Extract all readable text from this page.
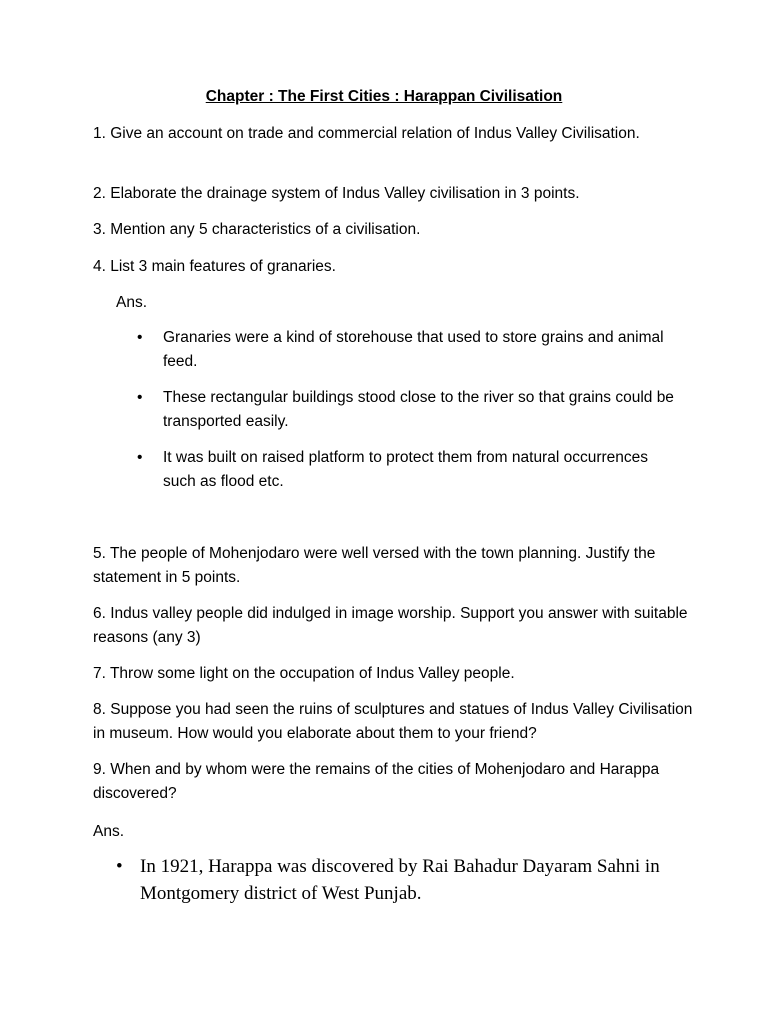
Chapter : The First Cities : Harappan Civilisation
1. Give an account on trade and commercial relation of Indus Valley Civilisation.
2. Elaborate the drainage system of Indus Valley civilisation in 3 points.
3. Mention any 5 characteristics of a civilisation.
4. List 3 main features of granaries.
Ans.
• Granaries were a kind of storehouse that used to store grains and animal feed.
• These rectangular buildings stood close to the river so that grains could be transported easily.
• It was built on raised platform to protect them from natural occurrences such as flood etc.
5. The people of Mohenjodaro were well versed with the town planning. Justify the statement in 5 points.
6. Indus valley people did indulged in image worship. Support you answer with suitable reasons (any 3)
7. Throw some light on the occupation of Indus Valley people.
8. Suppose you had seen the ruins of sculptures and statues of Indus Valley Civilisation in museum. How would you elaborate about them to your friend?
9. When and by whom were the remains of the cities of Mohenjodaro and Harappa discovered?
Ans.
• In 1921, Harappa was discovered by Rai Bahadur Dayaram Sahni in Montgomery district of West Punjab.
